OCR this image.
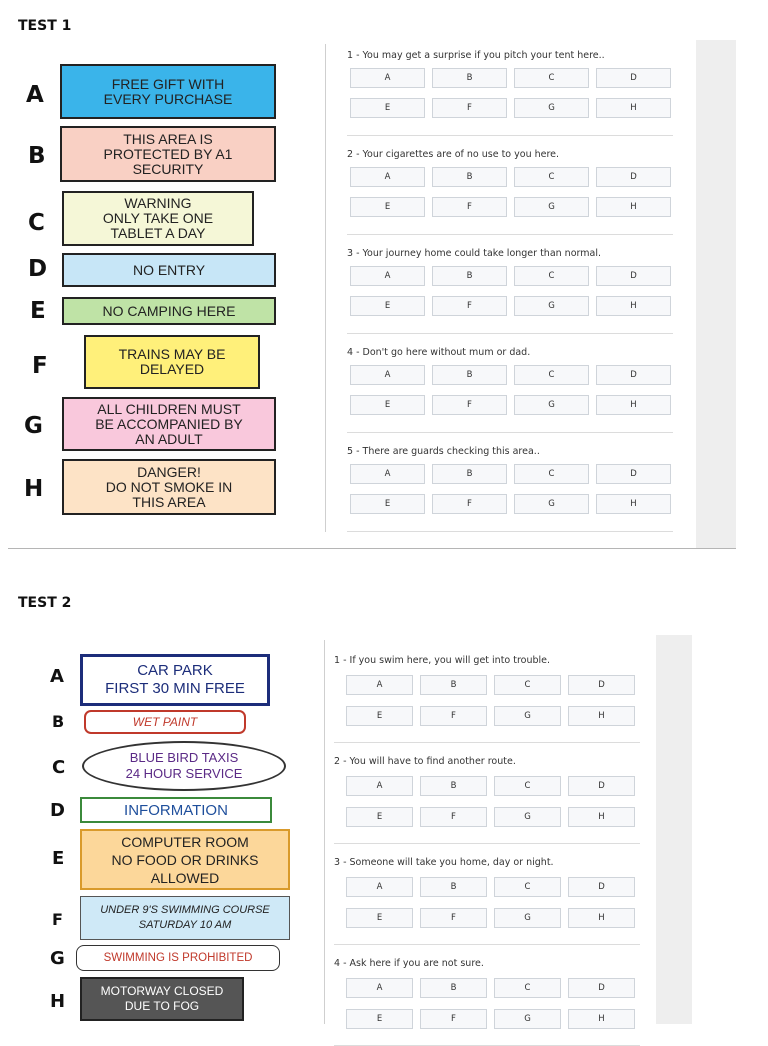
TEST 1
A	FREE GIFT WITH
EVERY PURCHASE
B
THIS AREA IS
PROTECTED BY A1
SECURITY
C
WARNING
ONLY TAKE ONE
TABLET A DAY
D	NO ENTRY
E	NO CAMPING HERE
F	TRAINS MAY BE
DELAYED
G
ALL CHILDREN MUST
BE ACCOMPANIED BY
AN ADULT
H
DANGER!
DO NOT SMOKE IN
THIS AREA
1 - You may get a surprise if you pitch your tent here..
A	B	C	D
E	F	G	H
2 - Your cigarettes are of no use to you here.
A	B	C	D
E	F	G	H
3 - Your journey home could take longer than normal.
A	B	C	D
E	F	G	H
4 - Don't go here without mum or dad.
A	B	C	D
E	F	G	H
5 - There are guards checking this area..
A	B	C	D
E	F	G	H
TEST 2
A	CAR PARK
FIRST 30 MIN FREE
B	WET PAINT
C	BLUE BIRD TAXIS
24 HOUR SERVICE
D	INFORMATION
E
COMPUTER ROOM
NO FOOD OR DRINKS
ALLOWED
F	UNDER 9'S SWIMMING COURSE
SATURDAY 10 AM
G	SWIMMING IS PROHIBITED
H	MOTORWAY CLOSED
DUE TO FOG
1 - If you swim here, you will get into trouble.
A	B	C	D
E	F	G	H
2 - You will have to find another route.
A	B	C	D
E	F	G	H
3 - Someone will take you home, day or night.
A	B	C	D
E	F	G	H
4 - Ask here if you are not sure.
A	B	C	D
E	F	G	H
